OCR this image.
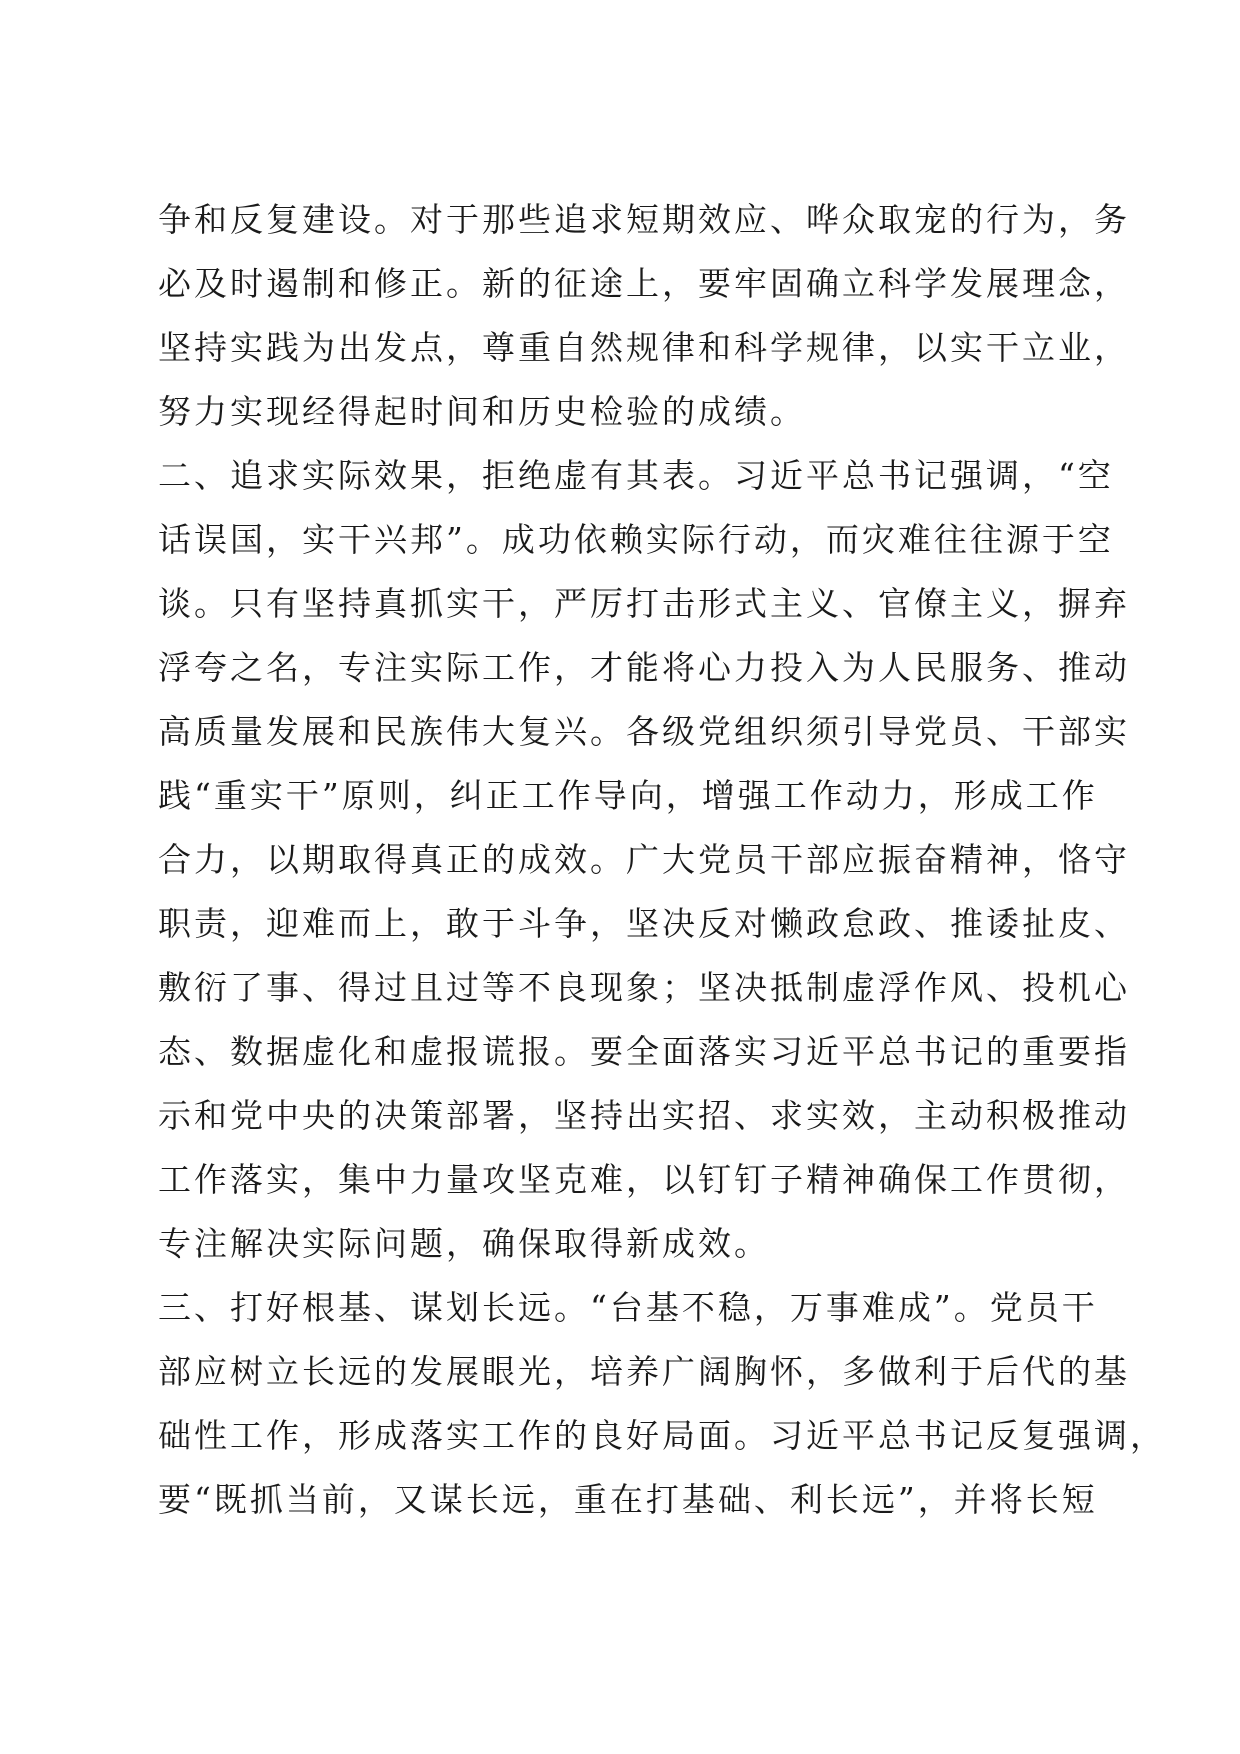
争和反复建设。对于那些追求短期效应、哗众取宠的行为，务
必及时遏制和修正。新的征途上，要牢固确立科学发展理念，
坚持实践为出发点，尊重自然规律和科学规律，以实干立业，
努力实现经得起时间和历史检验的成绩。
二、追求实际效果，拒绝虚有其表。习近平总书记强调，“空
话误国，实干兴邦”。成功依赖实际行动，而灾难往往源于空
谈。只有坚持真抓实干，严厉打击形式主义、官僚主义，摒弃
浮夸之名，专注实际工作，才能将心力投入为人民服务、推动
高质量发展和民族伟大复兴。各级党组织须引导党员、干部实
践“重实干”原则，纠正工作导向，增强工作动力，形成工作
合力，以期取得真正的成效。广大党员干部应振奋精神，恪守
职责，迎难而上，敢于斗争，坚决反对懒政怠政、推诿扯皮、
敷衍了事、得过且过等不良现象；坚决抵制虚浮作风、投机心
态、数据虚化和虚报谎报。要全面落实习近平总书记的重要指
示和党中央的决策部署，坚持出实招、求实效，主动积极推动
工作落实，集中力量攻坚克难，以钉钉子精神确保工作贯彻，
专注解决实际问题，确保取得新成效。
三、打好根基、谋划长远。“台基不稳，万事难成”。党员干
部应树立长远的发展眼光，培养广阔胸怀，多做利于后代的基
础性工作，形成落实工作的良好局面。习近平总书记反复强调，
要“既抓当前，又谋长远，重在打基础、利长远”，并将长短
